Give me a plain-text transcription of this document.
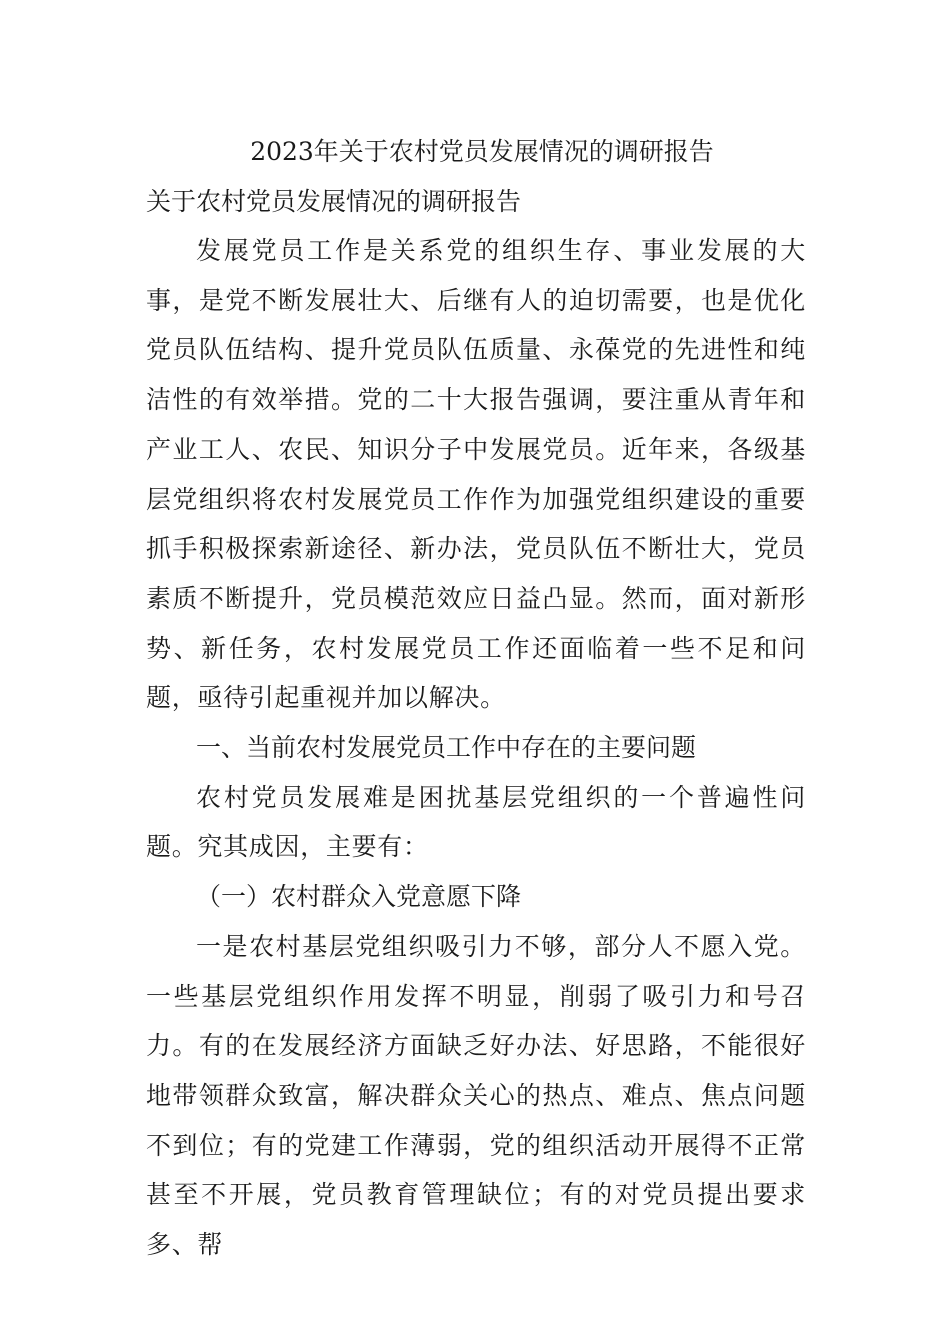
2023年关于农村党员发展情况的调研报告
关于农村党员发展情况的调研报告

发展党员工作是关系党的组织生存、事业发展的大事，是党不断发展壮大、后继有人的迫切需要，也是优化党员队伍结构、提升党员队伍质量、永葆党的先进性和纯洁性的有效举措。党的二十大报告强调，要注重从青年和产业工人、农民、知识分子中发展党员。近年来，各级基层党组织将农村发展党员工作作为加强党组织建设的重要抓手积极探索新途径、新办法，党员队伍不断壮大，党员素质不断提升，党员模范效应日益凸显。然而，面对新形势、新任务，农村发展党员工作还面临着一些不足和问题，亟待引起重视并加以解决。

一、当前农村发展党员工作中存在的主要问题

农村党员发展难是困扰基层党组织的一个普遍性问题。究其成因，主要有：

（一）农村群众入党意愿下降

一是农村基层党组织吸引力不够，部分人不愿入党。一些基层党组织作用发挥不明显，削弱了吸引力和号召力。有的在发展经济方面缺乏好办法、好思路，不能很好地带领群众致富，解决群众关心的热点、难点、焦点问题不到位；有的党建工作薄弱，党的组织活动开展得不正常甚至不开展，党员教育管理缺位；有的对党员提出要求多、帮
